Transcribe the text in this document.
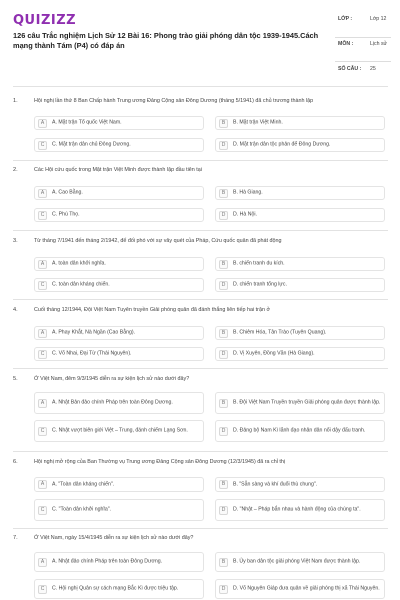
QUIZIZZ
126 câu Trắc nghiệm Lịch Sử 12 Bài 16: Phong trào giải phóng dân tộc 1939-1945.Cách mạng thành Tám (P4) có đáp án
LỚP :	Lớp 12
MÔN :	Lịch sử
SỐ CÂU : 25
1.	Hội nghị lần thứ 8 Ban Chấp hành Trung ương Đảng Cộng sản Đông Dương (tháng 5/1941) đã chủ trương thành lập
A	A. Mặt trận Tổ quốc Việt Nam.	B	B. Mặt trận Việt Minh.
C	C. Mặt trận dân chủ Đông Dương.	D	D. Mặt trận dân tộc phản đế Đông Dương.
2.	Các Hội cứu quốc trong Mặt trận Việt Minh được thành lập đầu tiên tại
A	A. Cao Bằng.	B	B. Hà Giang.
C	C. Phú Thọ.	D	D. Hà Nội.
3.	Từ tháng 7/1941 đến tháng 2/1942, để đối phó với sự vây quét của Pháp, Cứu quốc quân đã phát động
A	A. toàn dân khởi nghĩa.	B	B. chiến tranh du kích.
C	C. toàn dân kháng chiến.	D	D. chiến tranh tổng lực.
4.	Cuối tháng 12/1944, Đội Việt Nam Tuyên truyền Giải phóng quân đã đánh thắng liên tiếp hai trận ở
A	A. Phay Khắt, Nà Ngần (Cao Bằng).	B	B. Chiêm Hóa, Tân Trào (Tuyên Quang).
C	C. Võ Nhai, Đại Từ (Thái Nguyên).	D	D. Vị Xuyên, Đồng Văn (Hà Giang).
5.	Ở Việt Nam, đêm 9/3/1945 diễn ra sự kiện lịch sử nào dưới đây?
A	A. Nhật Bản đảo chính Pháp trên toàn Đông Dương.	B	B. Đội Việt Nam Truyền truyền Giải phóng quân được thành lập.
C	C. Nhật vượt biên giới Việt – Trung, đánh chiếm Lạng Sơn.	D	D. Đảng bộ Nam Kì lãnh đạo nhân dân nổi dậy đấu tranh.
6.	Hội nghị mở rộng của Ban Thường vụ Trung ương Đảng Cộng sản Đông Dương (12/3/1945) đã ra chỉ thị
A	A. "Toàn dân kháng chiến".	B	B. "Sẵn sàng và khí đuổi thù chung".
C	C. "Toàn dân khởi nghĩa".	D	D. "Nhật – Pháp bắn nhau và hành động của chúng ta".
7.	Ở Việt Nam, ngày 15/4/1945 diễn ra sự kiện lịch sử nào dưới đây?
A	A. Nhật đảo chính Pháp trên toàn Đông Dương.	B	B. Ủy ban dân tộc giải phóng Việt Nam được thành lập.
C	C. Hội nghị Quân sự cách mạng Bắc Kì được triệu tập.	D	D. Võ Nguyên Giáp đưa quân về giải phóng thị xã Thái Nguyên.
